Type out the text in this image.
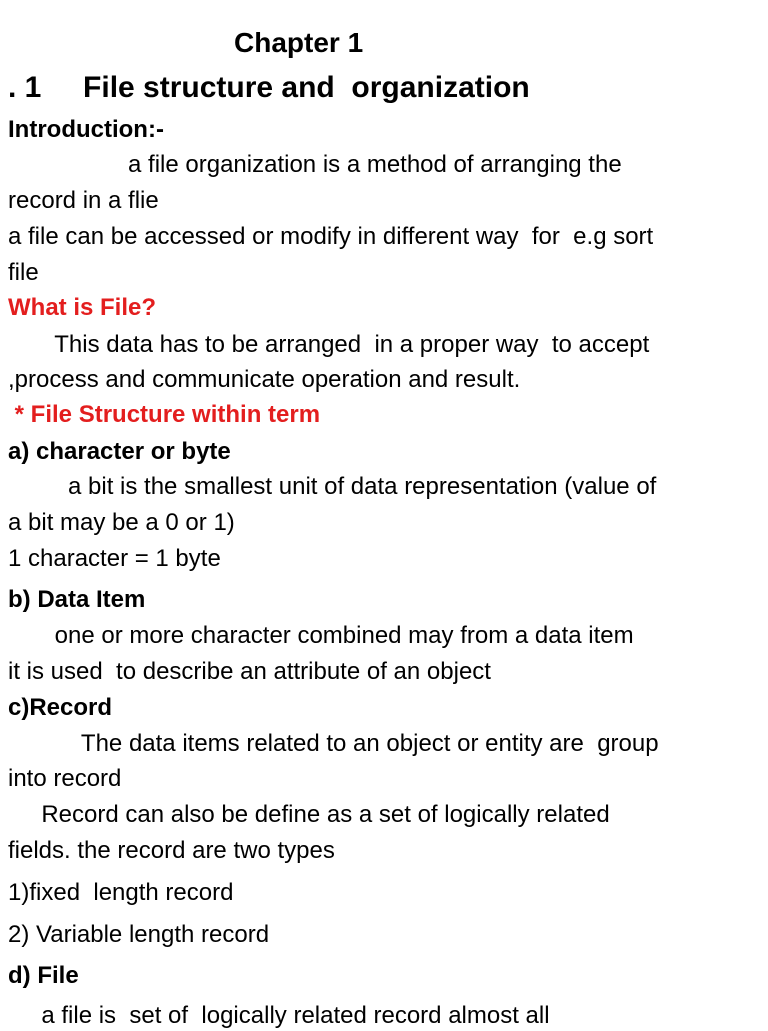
Chapter 1
. 1     File structure and  organization
Introduction:-
a file organization is a method of arranging the
record in a flie
a file can be accessed or modify in different way  for  e.g sort
file
What is File?
This data has to be arranged  in a proper way  to accept
,process and communicate operation and result.
* File Structure within term
a) character or byte
a bit is the smallest unit of data representation (value of
a bit may be a 0 or 1)
1 character = 1 byte
b) Data Item
one or more character combined may from a data item
it is used  to describe an attribute of an object
c)Record
The data items related to an object or entity are  group
into record
Record can also be define as a set of logically related
fields. the record are two types
1)fixed  length record
2) Variable length record
d) File
a file is  set of  logically related record almost all
